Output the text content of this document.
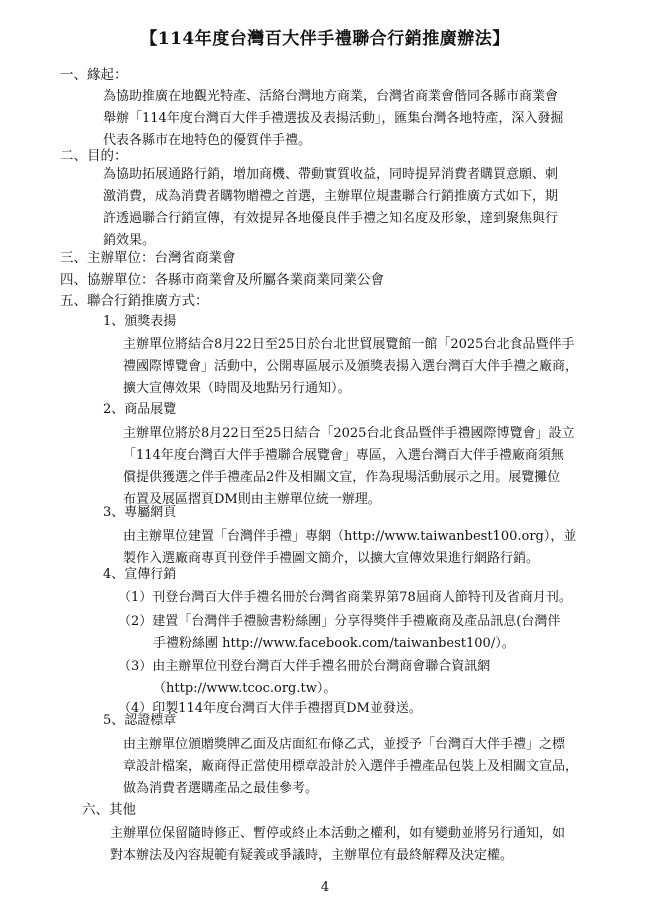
【114年度台灣百大伴手禮聯合行銷推廣辦法】
一、緣起：
為協助推廣在地觀光特產、活絡台灣地方商業，台灣省商業會偕同各縣市商業會
舉辦「114年度台灣百大伴手禮選拔及表揚活動」，匯集台灣各地特產，深入發掘
代表各縣市在地特色的優質伴手禮。
二、目的：
為協助拓展通路行銷，增加商機、帶動實質收益，同時提昇消費者購買意願、刺
激消費，成為消費者購物贈禮之首選，主辦單位規畫聯合行銷推廣方式如下，期
許透過聯合行銷宣傳，有效提昇各地優良伴手禮之知名度及形象，達到聚焦與行
銷效果。
三、主辦單位：台灣省商業會
四、協辦單位：各縣市商業會及所屬各業商業同業公會
五、聯合行銷推廣方式：
1、頒獎表揚
主辦單位將結合8月22日至25日於台北世貿展覽館一館「2025台北食品暨伴手
禮國際博覽會」活動中，公開專區展示及頒獎表揚入選台灣百大伴手禮之廠商，
擴大宣傳效果（時間及地點另行通知）。
2、商品展覽
主辦單位將於8月22日至25日結合「2025台北食品暨伴手禮國際博覽會」設立
「114年度台灣百大伴手禮聯合展覽會」專區，入選台灣百大伴手禮廠商須無
償提供獲選之伴手禮產品2件及相關文宣，作為現場活動展示之用。展覽攤位
布置及展區摺頁DM則由主辦單位統一辦理。
3、專屬網頁
由主辦單位建置「台灣伴手禮」專網（http://www.taiwanbest100.org），並
製作入選廠商專頁刊登伴手禮圖文簡介，以擴大宣傳效果進行網路行銷。
4、宣傳行銷
（1）刊登台灣百大伴手禮名冊於台灣省商業界第78屆商人節特刊及省商月刊。
（2）建置「台灣伴手禮臉書粉絲團」分享得獎伴手禮廠商及產品訊息(台灣伴
手禮粉絲團 http://www.facebook.com/taiwanbest100/）。
（3）由主辦單位刊登台灣百大伴手禮名冊於台灣商會聯合資訊網
（http://www.tcoc.org.tw）。
（4）印製114年度台灣百大伴手禮摺頁DM並發送。
5、認證標章
由主辦單位頒贈獎牌乙面及店面紅布條乙式，並授予「台灣百大伴手禮」之標
章設計檔案，廠商得正當使用標章設計於入選伴手禮產品包裝上及相關文宣品，
做為消費者選購產品之最佳參考。
4
六、其他
主辦單位保留隨時修正、暫停或終止本活動之權利，如有變動並將另行通知，如
對本辦法及內容規範有疑義或爭議時，主辦單位有最終解釋及決定權。
